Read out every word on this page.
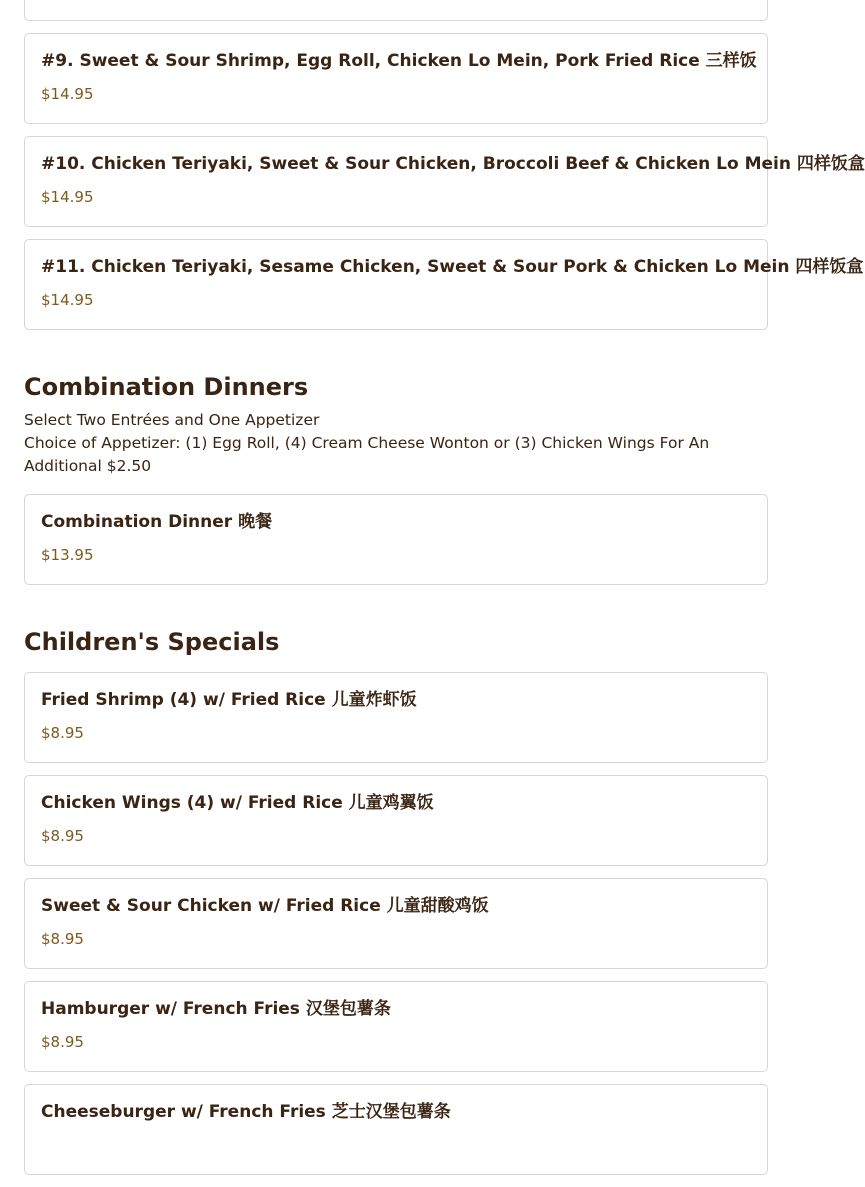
#9. Sweet & Sour Shrimp, Egg Roll, Chicken Lo Mein, Pork Fried Rice 三样饭
$14.95
#10. Chicken Teriyaki, Sweet & Sour Chicken, Broccoli Beef & Chicken Lo Mein 四样饭盒
$14.95
#11. Chicken Teriyaki, Sesame Chicken, Sweet & Sour Pork & Chicken Lo Mein 四样饭盒
$14.95
Combination Dinners

Select Two Entrées and One Appetizer

Choice of Appetizer: (1) Egg Roll, (4) Cream Cheese Wonton or (3) Chicken Wings For An Additional $2.50

Combination Dinner 晚餐
$13.95
Children's Specials
Fried Shrimp (4) w/ Fried Rice 儿童炸虾饭
$8.95
Chicken Wings (4) w/ Fried Rice 儿童鸡翼饭
$8.95
Sweet & Sour Chicken w/ Fried Rice 儿童甜酸鸡饭
$8.95
Hamburger w/ French Fries 汉堡包薯条
$8.95
Cheeseburger w/ French Fries 芝士汉堡包薯条
